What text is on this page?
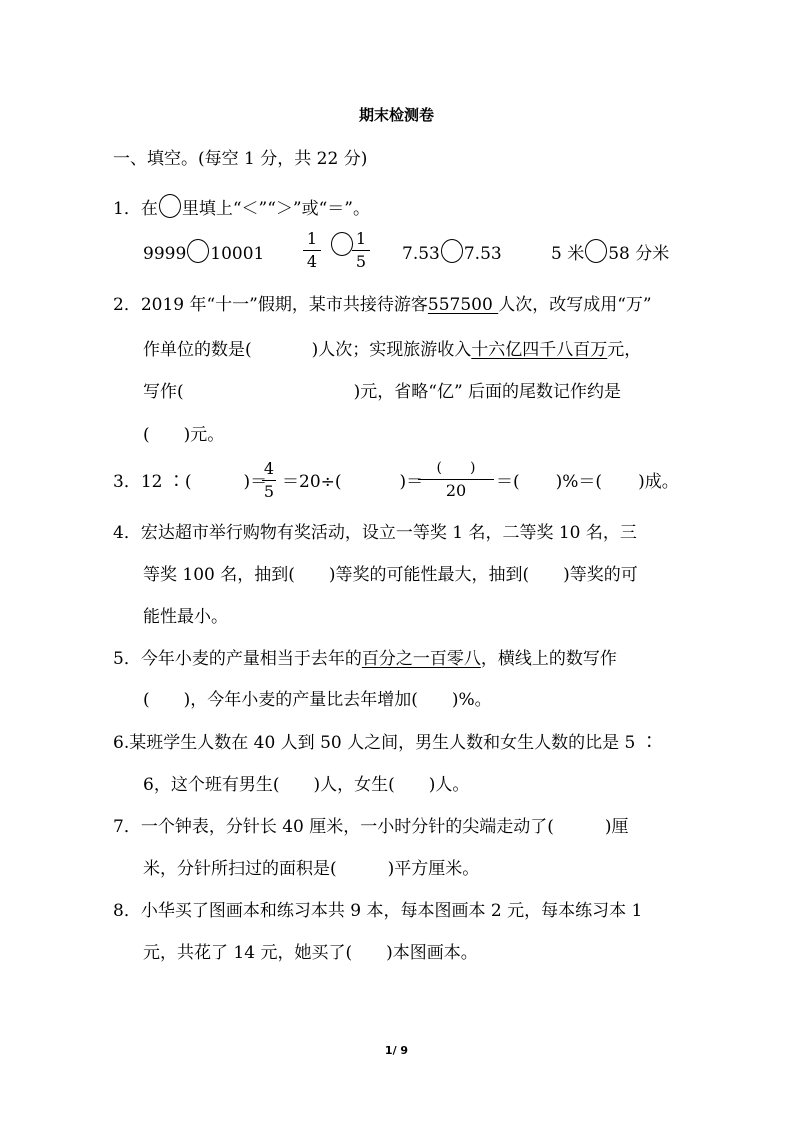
期末检测卷
一、填空。(每空 1 分，共 22 分)
1．在 里填上“＜”“＞”或“＝”。
9999 10001
1
4
1
5 7.53 7.53	5 米 58 分米
2．2019 年“十一”假期，某市共接待游客557500 人次，改写成用“万”
作单位的数是(	)人次；实现旅游收入十六亿四千八百万元，
写作(	)元，省略“亿” 后面的尾数记作约是
(　　)元。
3．12 ∶(	)＝
4
5 ＝20÷(	)＝
(　　)
20	＝( )%＝( )成。
4．宏达超市举行购物有奖活动，设立一等奖 1 名，二等奖 10 名，三
等奖 100 名，抽到(　　)等奖的可能性最大，抽到(　　)等奖的可
能性最小。
5．今年小麦的产量相当于去年的百分之一百零八，横线上的数写作
(　　)，今年小麦的产量比去年增加(　　)%。
6.某班学生人数在 40 人到 50 人之间，男生人数和女生人数的比是 5 ∶
6，这个班有男生(　　)人，女生(　　)人。
7．一个钟表，分针长 40 厘米，一小时分针的尖端走动了(　　　)厘
米，分针所扫过的面积是(　　　)平方厘米。
8．小华买了图画本和练习本共 9 本，每本图画本 2 元，每本练习本 1
元，共花了 14 元，她买了(　　)本图画本。
1/ 9
